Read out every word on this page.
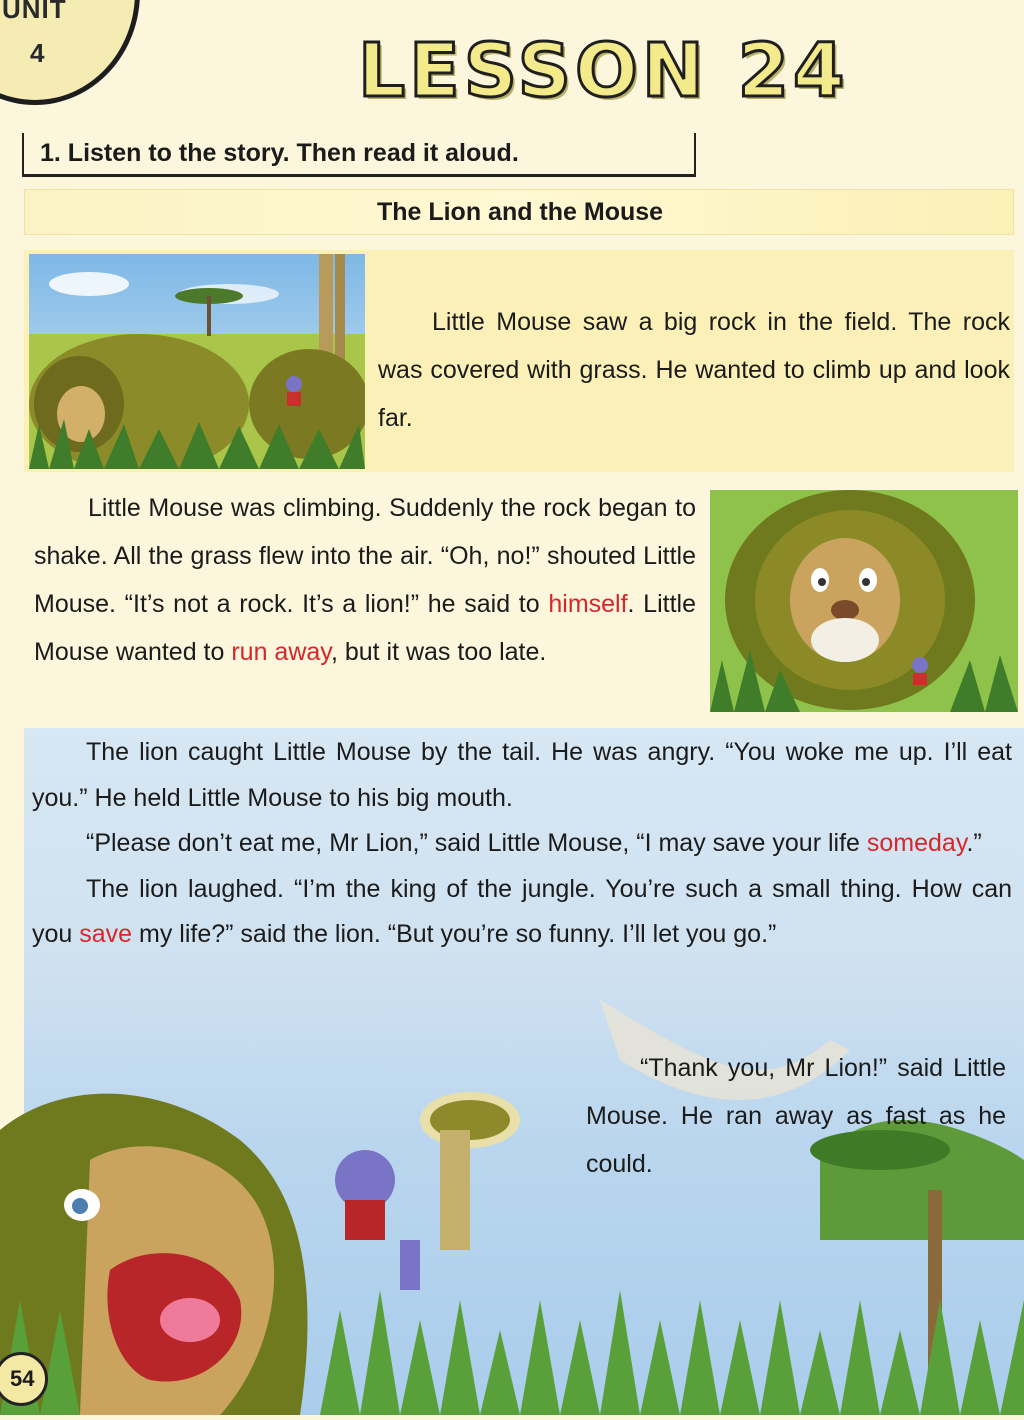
UNIT
4	LESSON 24
1. Listen to the story. Then read it aloud.
The Lion and the Mouse
Little Mouse saw a big rock in the field. The rock was covered with grass. He wanted to climb up and look far.
Little Mouse was climbing. Suddenly the rock began to shake. All the grass flew into the air. “Oh, no!” shouted Little Mouse. “It’s not a rock. It’s a lion!” he said to himself. Little Mouse wanted to run away, but it was too late.
The lion caught Little Mouse by the tail. He was angry. “You woke me up. I’ll eat you.” He held Little Mouse to his big mouth.
“Please don’t eat me, Mr Lion,” said Little Mouse, “I may save your life someday.”
The lion laughed. “I’m the king of the jungle. You’re such a small thing. How can you save my life?” said the lion. “But you’re so funny. I’ll let you go.”
“Thank you, Mr Lion!” said Little Mouse. He ran away as fast as he could.
54
